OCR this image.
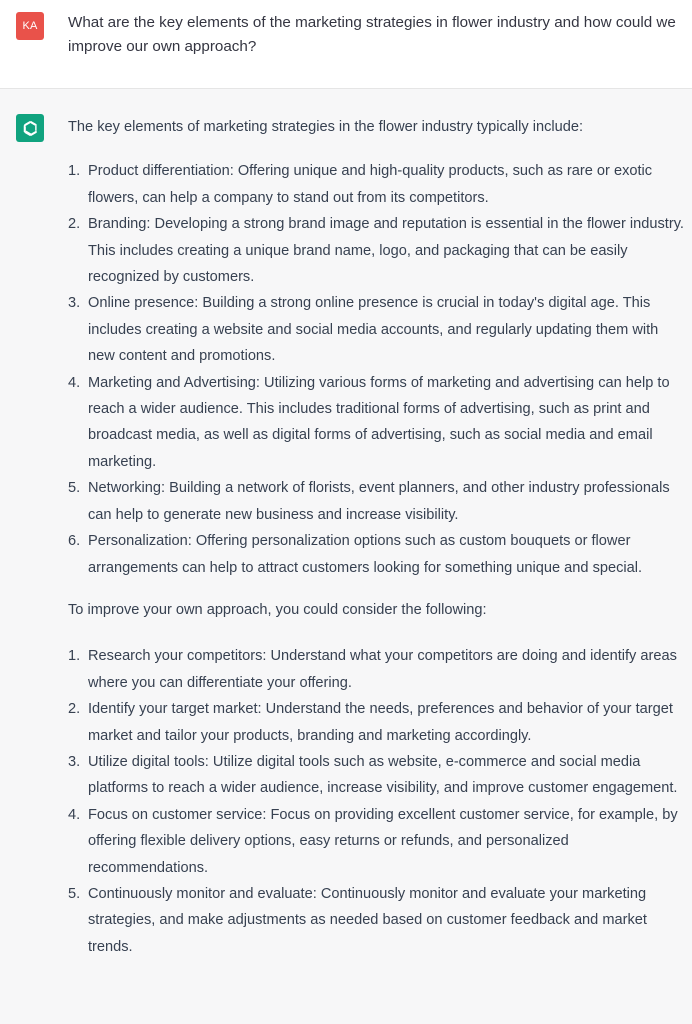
KA	What are the key elements of the marketing strategies in flower industry and how could we improve our own approach?

The key elements of marketing strategies in the flower industry typically include:

1. Product differentiation: Offering unique and high-quality products, such as rare or exotic flowers, can help a company to stand out from its competitors.
2. Branding: Developing a strong brand image and reputation is essential in the flower industry. This includes creating a unique brand name, logo, and packaging that can be easily recognized by customers.
3. Online presence: Building a strong online presence is crucial in today's digital age. This includes creating a website and social media accounts, and regularly updating them with new content and promotions.
4. Marketing and Advertising: Utilizing various forms of marketing and advertising can help to reach a wider audience. This includes traditional forms of advertising, such as print and broadcast media, as well as digital forms of advertising, such as social media and email marketing.
5. Networking: Building a network of florists, event planners, and other industry professionals can help to generate new business and increase visibility.
6. Personalization: Offering personalization options such as custom bouquets or flower arrangements can help to attract customers looking for something unique and special.

To improve your own approach, you could consider the following:

1. Research your competitors: Understand what your competitors are doing and identify areas where you can differentiate your offering.
2. Identify your target market: Understand the needs, preferences and behavior of your target market and tailor your products, branding and marketing accordingly.
3. Utilize digital tools: Utilize digital tools such as website, e-commerce and social media platforms to reach a wider audience, increase visibility, and improve customer engagement.
4. Focus on customer service: Focus on providing excellent customer service, for example, by offering flexible delivery options, easy returns or refunds, and personalized recommendations.
5. Continuously monitor and evaluate: Continuously monitor and evaluate your marketing strategies, and make adjustments as needed based on customer feedback and market trends.
